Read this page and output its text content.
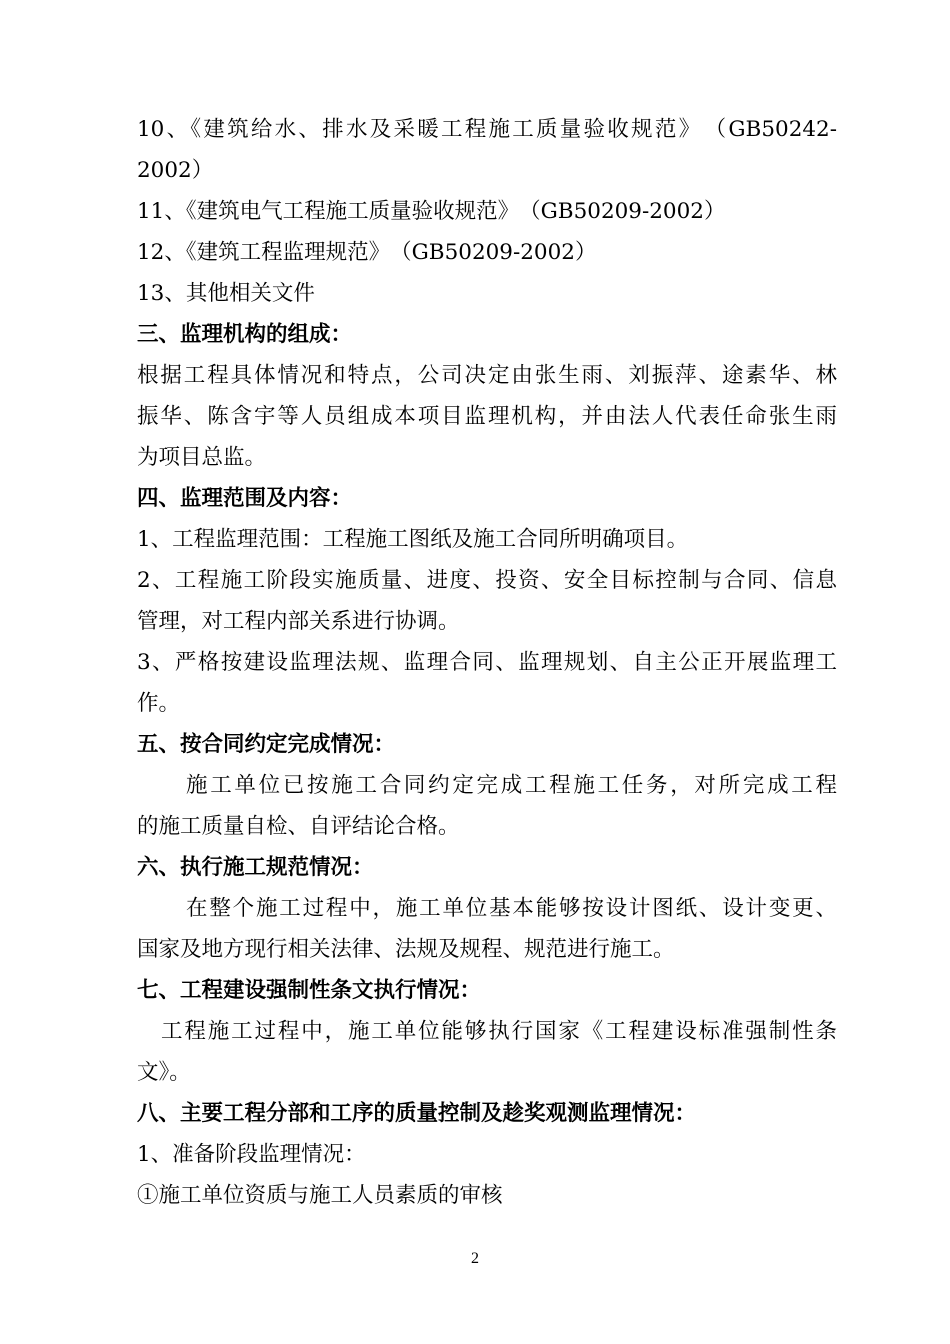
10、《建筑给水、排水及采暖工程施工质量验收规范》　（GB50242-
2002）
11、《建筑电气工程施工质量验收规范》　（GB50209-2002）
12、《建筑工程监理规范》　（GB50209-2002）
13、其他相关文件
三、监理机构的组成：
根据工程具体情况和特点，公司决定由张生雨、刘振萍、途素华、林
振华、陈含宇等人员组成本项目监理机构，并由法人代表任命张生雨
为项目总监。
四、监理范围及内容：
1、工程监理范围：工程施工图纸及施工合同所明确项目。
2、工程施工阶段实施质量、进度、投资、安全目标控制与合同、信息
管理，对工程内部关系进行协调。
3、严格按建设监理法规、监理合同、监理规划、自主公正开展监理工
作。
五、按合同约定完成情况：
施工单位已按施工合同约定完成工程施工任务，对所完成工程
的施工质量自检、自评结论合格。
六、执行施工规范情况：
在整个施工过程中，施工单位基本能够按设计图纸、设计变更、
国家及地方现行相关法律、法规及规程、规范进行施工。
七、工程建设强制性条文执行情况：
工程施工过程中，施工单位能够执行国家《工程建设标准强制性条
文》。
八、主要工程分部和工序的质量控制及趁奖观测监理情况：
1、准备阶段监理情况：
①施工单位资质与施工人员素质的审核
2
